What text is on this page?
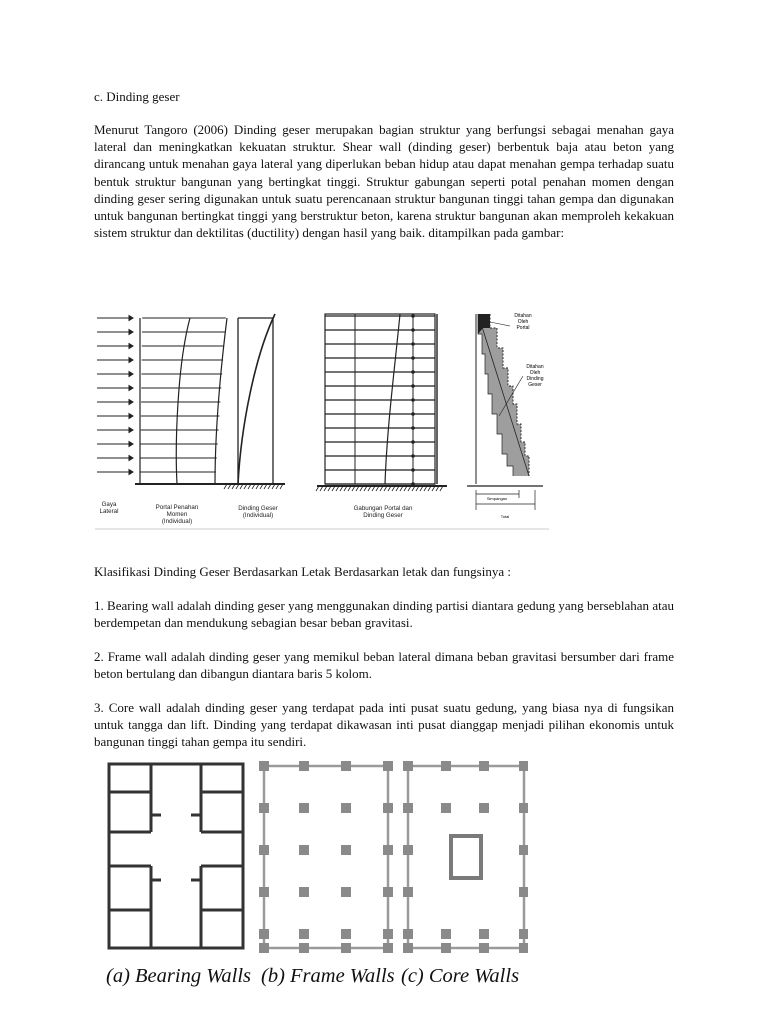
c. Dinding geser
Menurut Tangoro (2006) Dinding geser merupakan bagian struktur yang berfungsi sebagai menahan gaya lateral dan meningkatkan kekuatan struktur. Shear wall (dinding geser) berbentuk baja atau beton yang dirancang untuk menahan gaya lateral yang diperlukan beban hidup atau dapat menahan gempa terhadap suatu bentuk struktur bangunan yang bertingkat tinggi. Struktur gabungan seperti potal penahan momen dengan dinding geser sering digunakan untuk suatu perencanaan struktur bangunan tinggi tahan gempa dan digunakan untuk bangunan bertingkat tinggi yang berstruktur beton, karena struktur bangunan akan memproleh kekakuan sistem struktur dan dektilitas (ductility) dengan hasil yang baik. ditampilkan pada gambar:
Ditahan
Oleh
Portal
Ditahan
Oleh
Dinding
Geser
Simpangan
Total
Gaya
Lateral
Portal Penahan
Momen
(Individual)
Dinding Geser
(Individual)
Gabungan Portal dan
Dinding Geser
Klasifikasi Dinding Geser Berdasarkan Letak Berdasarkan letak dan fungsinya :
1. Bearing wall adalah dinding geser yang menggunakan dinding partisi diantara gedung yang berseblahan atau berdempetan dan mendukung sebagian besar beban gravitasi.
2. Frame wall adalah dinding geser yang memikul beban lateral dimana beban gravitasi bersumber dari frame beton bertulang dan dibangun diantara baris 5 kolom.
3. Core wall adalah dinding geser yang terdapat pada inti pusat suatu gedung, yang biasa nya di fungsikan untuk tangga dan lift. Dinding yang terdapat dikawasan inti pusat dianggap menjadi pilihan ekonomis untuk bangunan tinggi tahan gempa itu sendiri.
(a) Bearing Walls (b) Frame Walls (c) Core Walls
